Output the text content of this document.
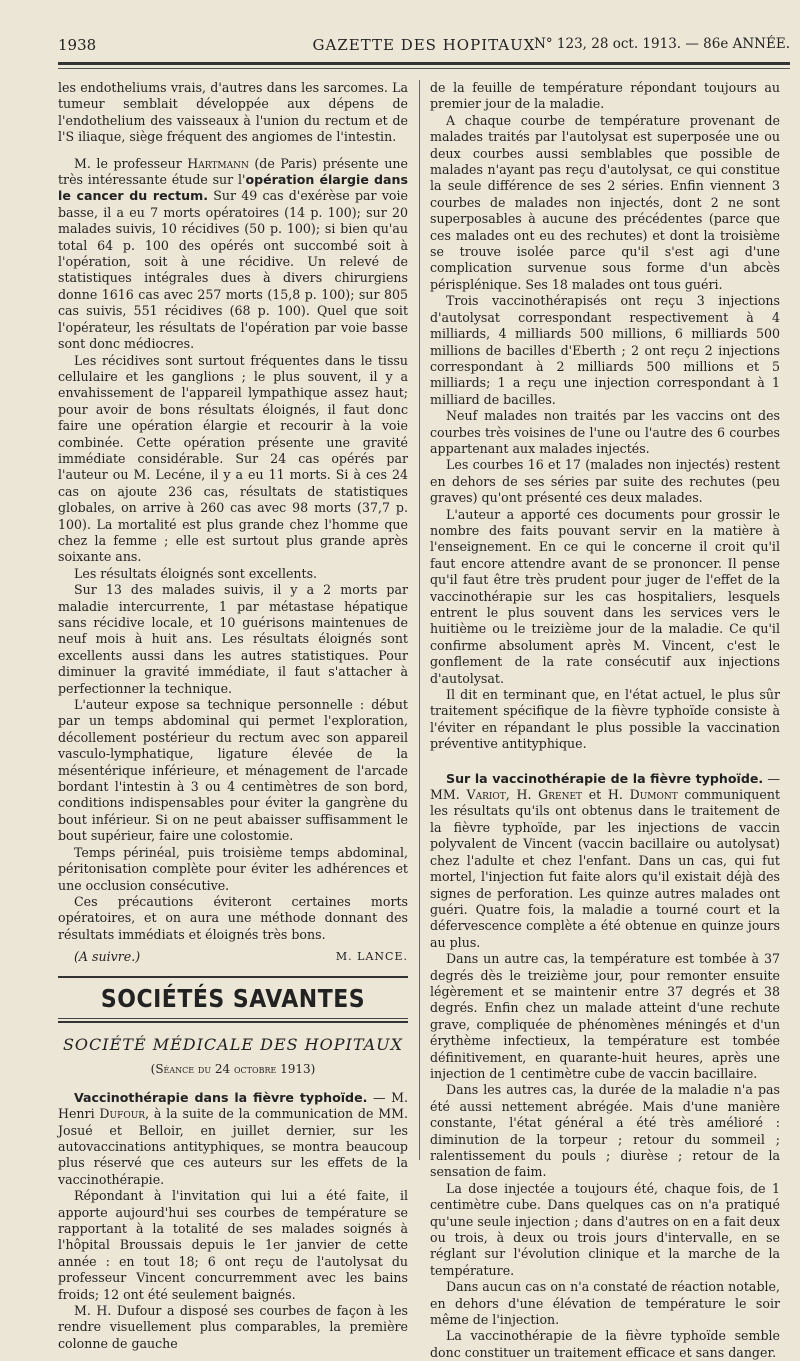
1938	GAZETTE DES HOPITAUX
N° 123, 28 oct. 1913. — 86e ANNÉE.

les endotheliums vrais, d'autres dans les sarcomes. La tumeur semblait développée aux dépens de l'endothelium des vaisseaux à l'union du rectum et de l'S iliaque, siège fréquent des angiomes de l'intestin.

M. le professeur Hartmann (de Paris) présente une très intéressante étude sur l'opération élargie dans le cancer du rectum. Sur 49 cas d'exérèse par voie basse, il a eu 7 morts opératoires (14 p. 100); sur 20 malades suivis, 10 récidives (50 p. 100); si bien qu'au total 64 p. 100 des opérés ont succombé soit à l'opération, soit à une récidive. Un relevé de statistiques intégrales dues à divers chirurgiens donne 1616 cas avec 257 morts (15,8 p. 100); sur 805 cas suivis, 551 récidives (68 p. 100). Quel que soit l'opérateur, les résultats de l'opération par voie basse sont donc médiocres.

Les récidives sont surtout fréquentes dans le tissu cellulaire et les ganglions ; le plus souvent, il y a envahissement de l'appareil lympathique assez haut; pour avoir de bons résultats éloignés, il faut donc faire une opération élargie et recourir à la voie combinée. Cette opération présente une gravité immédiate considérable. Sur 24 cas opérés par l'auteur ou M. Lecéne, il y a eu 11 morts. Si à ces 24 cas on ajoute 236 cas, résultats de statistiques globales, on arrive à 260 cas avec 98 morts (37,7 p. 100). La mortalité est plus grande chez l'homme que chez la femme ; elle est surtout plus grande après soixante ans.

Les résultats éloignés sont excellents.

Sur 13 des malades suivis, il y a 2 morts par maladie intercurrente, 1 par métastase hépatique sans récidive locale, et 10 guérisons maintenues de neuf mois à huit ans. Les résultats éloignés sont excellents aussi dans les autres statistiques. Pour diminuer la gravité immédiate, il faut s'attacher à perfectionner la technique.

L'auteur expose sa technique personnelle : début par un temps abdominal qui permet l'exploration, décollement postérieur du rectum avec son appareil vasculo-lymphatique, ligature élevée de la mésentérique inférieure, et ménagement de l'arcade bordant l'intestin à 3 ou 4 centimètres de son bord, conditions indispensables pour éviter la gangrène du bout inférieur. Si on ne peut abaisser suffisamment le bout supérieur, faire une colostomie.

Temps périnéal, puis troisième temps abdominal, péritonisation complète pour éviter les adhérences et une occlusion consécutive.

Ces précautions éviteront certaines morts opératoires, et on aura une méthode donnant des résultats immédiats et éloignés très bons.

(A suivre.)	M. LANCE.
SOCIÉTÉS SAVANTES
SOCIÉTÉ MÉDICALE DES HOPITAUX
(Séance du 24 octobre 1913)

Vaccinothérapie dans la fièvre typhoïde. — M. Henri Dufour, à la suite de la communication de MM. Josué et Belloir, en juillet dernier, sur les autovaccinations antityphiques, se montra beaucoup plus réservé que ces auteurs sur les effets de la vaccinothérapie.

Répondant à l'invitation qui lui a été faite, il apporte aujourd'hui ses courbes de température se rapportant à la totalité de ses malades soignés à l'hôpital Broussais depuis le 1er janvier de cette année : en tout 18; 6 ont reçu de l'autolysat du professeur Vincent concurremment avec les bains froids; 12 ont été seulement baignés.

M. H. Dufour a disposé ses courbes de façon à les rendre visuellement plus comparables, la première colonne de gauche

de la feuille de température répondant toujours au premier jour de la maladie.

A chaque courbe de température provenant de malades traités par l'autolysat est superposée une ou deux courbes aussi semblables que possible de malades n'ayant pas reçu d'autolysat, ce qui constitue la seule différence de ses 2 séries. Enfin viennent 3 courbes de malades non injectés, dont 2 ne sont superposables à aucune des précédentes (parce que ces malades ont eu des rechutes) et dont la troisième se trouve isolée parce qu'il s'est agi d'une complication survenue sous forme d'un abcès périsplénique. Ses 18 malades ont tous guéri.

Trois vaccinothérapisés ont reçu 3 injections d'autolysat correspondant respectivement à 4 milliards, 4 milliards 500 millions, 6 milliards 500 millions de bacilles d'Eberth ; 2 ont reçu 2 injections correspondant à 2 milliards 500 millions et 5 milliards; 1 a reçu une injection correspondant à 1 milliard de bacilles.

Neuf malades non traités par les vaccins ont des courbes très voisines de l'une ou l'autre des 6 courbes appartenant aux malades injectés.

Les courbes 16 et 17 (malades non injectés) restent en dehors de ses séries par suite des rechutes (peu graves) qu'ont présenté ces deux malades.

L'auteur a apporté ces documents pour grossir le nombre des faits pouvant servir en la matière à l'enseignement. En ce qui le concerne il croit qu'il faut encore attendre avant de se prononcer. Il pense qu'il faut être très prudent pour juger de l'effet de la vaccinothérapie sur les cas hospitaliers, lesquels entrent le plus souvent dans les services vers le huitième ou le treizième jour de la maladie. Ce qu'il confirme absolument après M. Vincent, c'est le gonflement de la rate consécutif aux injections d'autolysat.

Il dit en terminant que, en l'état actuel, le plus sûr traitement spécifique de la fièvre typhoïde consiste à l'éviter en répandant le plus possible la vaccination préventive antityphique.

Sur la vaccinothérapie de la fièvre typhoïde. — MM. Variot, H. Grenet et H. Dumont communiquent les résultats qu'ils ont obtenus dans le traitement de la fièvre typhoïde, par les injections de vaccin polyvalent de Vincent (vaccin bacillaire ou autolysat) chez l'adulte et chez l'enfant. Dans un cas, qui fut mortel, l'injection fut faite alors qu'il existait déjà des signes de perforation. Les quinze autres malades ont guéri. Quatre fois, la maladie a tourné court et la défervescence complète a été obtenue en quinze jours au plus.

Dans un autre cas, la température est tombée à 37 degrés dès le treizième jour, pour remonter ensuite légèrement et se maintenir entre 37 degrés et 38 degrés. Enfin chez un malade atteint d'une rechute grave, compliquée de phénomènes méningés et d'un érythème infectieux, la température est tombée définitivement, en quarante-huit heures, après une injection de 1 centimètre cube de vaccin bacillaire.

Dans les autres cas, la durée de la maladie n'a pas été aussi nettement abrégée. Mais d'une manière constante, l'état général a été très amélioré : diminution de la torpeur ; retour du sommeil ; ralentissement du pouls ; diurèse ; retour de la sensation de faim.

La dose injectée a toujours été, chaque fois, de 1 centimètre cube. Dans quelques cas on n'a pratiqué qu'une seule injection ; dans d'autres on en a fait deux ou trois, à deux ou trois jours d'intervalle, en se réglant sur l'évolution clinique et la marche de la température.

Dans aucun cas on n'a constaté de réaction notable, en dehors d'une élévation de température le soir même de l'injection.

La vaccinothérapie de la fièvre typhoïde semble donc constituer un traitement efficace et sans danger.
